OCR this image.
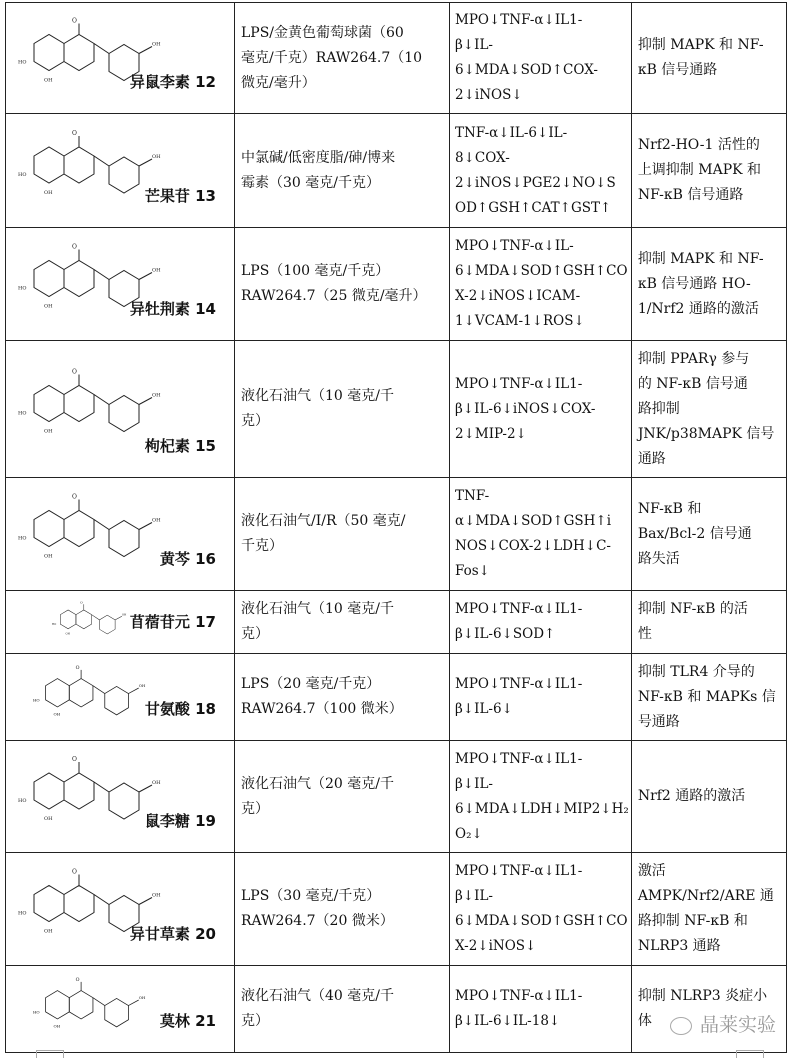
O
HO
OH
OH
异鼠李素 12	LPS/金黄色葡萄球菌（60
毫克/千克）RAW264.7（10
微克/毫升）	MPO↓TNF-α↓IL1-
β↓IL-
6↓MDA↓SOD↑COX-
2↓iNOS↓	抑制 MAPK 和 NF-
κB 信号通路

O
HO
OH
OH
芒果苷 13	中氯碱/低密度脂/砷/博来
霉素（30 毫克/千克）	TNF-α↓IL-6↓IL-
8↓COX-
2↓iNOS↓PGE2↓NO↓S
OD↑GSH↑CAT↑GST↑	Nrf2-HO-1 活性的
上调抑制 MAPK 和
NF-κB 信号通路

O
HO
OH
OH
异牡荆素 14	LPS（100 毫克/千克）
RAW264.7（25 微克/毫升）	MPO↓TNF-α↓IL-
6↓MDA↓SOD↑GSH↑CO
X-2↓iNOS↓ICAM-
1↓VCAM-1↓ROS↓	抑制 MAPK 和 NF-
κB 信号通路 HO-
1/Nrf2 通路的激活

O
HO
OH
OH
枸杞素 15	液化石油气（10 毫克/千
克）	MPO↓TNF-α↓IL1-
β↓IL-6↓iNOS↓COX-
2↓MIP-2↓	抑制 PPARγ 参与
的 NF-κB 信号通
路抑制
JNK/p38MAPK 信号
通路

O
HO
OH
OH
黄芩 16	液化石油气/I/R（50 毫克/
千克）	TNF-
α↓MDA↓SOD↑GSH↑i
NOS↓COX-2↓LDH↓C-
Fos↓	NF-κB 和
Bax/Bcl-2 信号通
路失活

O
HO
OH
OH 苜蓿苷元 17	液化石油气（10 毫克/千
克）	MPO↓TNF-α↓IL1-
β↓IL-6↓SOD↑	抑制 NF-κB 的活
性

O
HO
OH
OH
甘氨酸 18	LPS（20 毫克/千克）
RAW264.7（100 微米）	MPO↓TNF-α↓IL1-
β↓IL-6↓	抑制 TLR4 介导的
NF-κB 和 MAPKs 信
号通路

O
HO
OH
OH
鼠李糖 19	液化石油气（20 毫克/千
克）	MPO↓TNF-α↓IL1-
β↓IL-
6↓MDA↓LDH↓MIP2↓H₂
O₂↓	Nrf2 通路的激活

O
HO
OH
OH
异甘草素 20	LPS（30 毫克/千克）
RAW264.7（20 微米）	MPO↓TNF-α↓IL1-
β↓IL-
6↓MDA↓SOD↑GSH↑CO
X-2↓iNOS↓	激活
AMPK/Nrf2/ARE 通
路抑制 NF-κB 和
NLRP3 通路

O
HO
OH
OH
莫林 21	液化石油气（40 毫克/千
克）	MPO↓TNF-α↓IL1-
β↓IL-6↓IL-18↓	抑制 NLRP3 炎症小
体	晶莱实验
